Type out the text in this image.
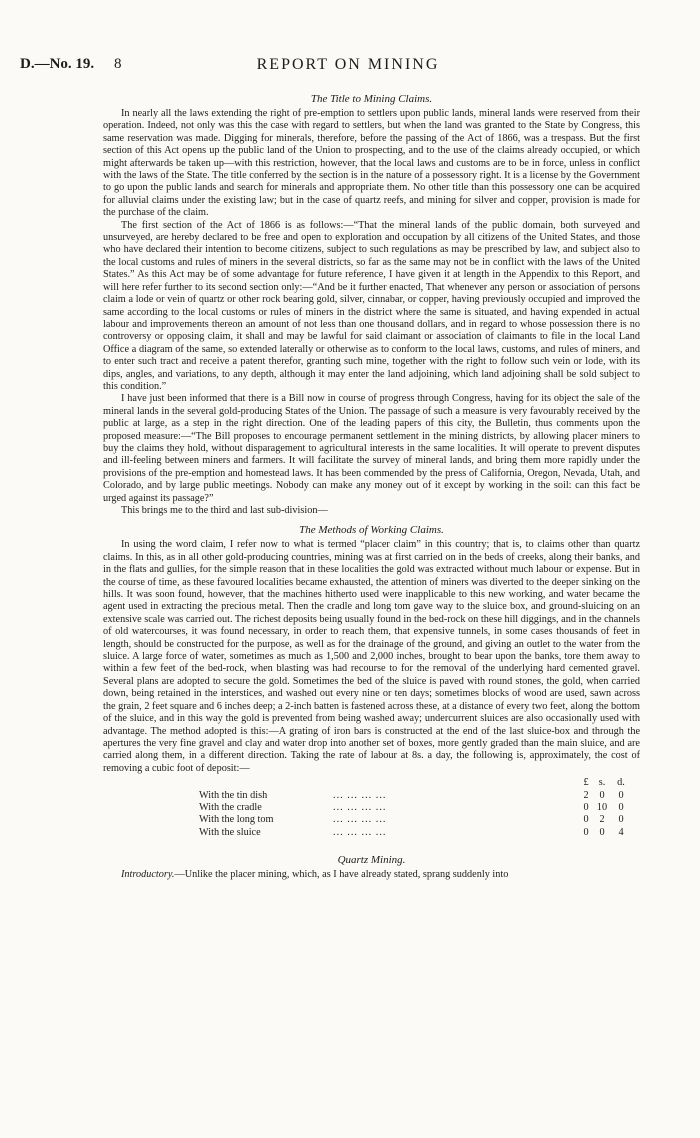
D.—No. 19. 8	REPORT ON MINING
The Title to Mining Claims.

In nearly all the laws extending the right of pre-emption to settlers upon public lands, mineral lands were reserved from their operation. Indeed, not only was this the case with regard to settlers, but when the land was granted to the State by Congress, this same reservation was made. Digging for minerals, therefore, before the passing of the Act of 1866, was a trespass. But the first section of this Act opens up the public land of the Union to prospecting, and to the use of the claims already occupied, or which might afterwards be taken up—with this restriction, however, that the local laws and customs are to be in force, unless in conflict with the laws of the State. The title conferred by the section is in the nature of a possessory right. It is a license by the Government to go upon the public lands and search for minerals and appropriate them. No other title than this possessory one can be acquired for alluvial claims under the existing law; but in the case of quartz reefs, and mining for silver and copper, provision is made for the purchase of the claim.

The first section of the Act of 1866 is as follows:—“That the mineral lands of the public domain, both surveyed and unsurveyed, are hereby declared to be free and open to exploration and occupation by all citizens of the United States, and those who have declared their intention to become citizens, subject to such regulations as may be prescribed by law, and subject also to the local customs and rules of miners in the several districts, so far as the same may not be in conflict with the laws of the United States.” As this Act may be of some advantage for future reference, I have given it at length in the Appendix to this Report, and will here refer further to its second section only:—“And be it further enacted, That whenever any person or association of persons claim a lode or vein of quartz or other rock bearing gold, silver, cinnabar, or copper, having previously occupied and improved the same according to the local customs or rules of miners in the district where the same is situated, and having expended in actual labour and improvements thereon an amount of not less than one thousand dollars, and in regard to whose possession there is no controversy or opposing claim, it shall and may be lawful for said claimant or association of claimants to file in the local Land Office a diagram of the same, so extended laterally or otherwise as to conform to the local laws, customs, and rules of miners, and to enter such tract and receive a patent therefor, granting such mine, together with the right to follow such vein or lode, with its dips, angles, and variations, to any depth, although it may enter the land adjoining, which land adjoining shall be sold subject to this condition.”

I have just been informed that there is a Bill now in course of progress through Congress, having for its object the sale of the mineral lands in the several gold-producing States of the Union. The passage of such a measure is very favourably received by the public at large, as a step in the right direction. One of the leading papers of this city, the Bulletin, thus comments upon the proposed measure:—“The Bill proposes to encourage permanent settlement in the mining districts, by allowing placer miners to buy the claims they hold, without disparagement to agricultural interests in the same localities. It will operate to prevent disputes and ill-feeling between miners and farmers. It will facilitate the survey of mineral lands, and bring them more rapidly under the provisions of the pre-emption and homestead laws. It has been commended by the press of California, Oregon, Nevada, Utah, and Colorado, and by large public meetings. Nobody can make any money out of it except by working in the soil: can this fact be urged against its passage?”

This brings me to the third and last sub-division—

The Methods of Working Claims.

In using the word claim, I refer now to what is termed “placer claim” in this country; that is, to claims other than quartz claims. In this, as in all other gold-producing countries, mining was at first carried on in the beds of creeks, along their banks, and in the flats and gullies, for the simple reason that in these localities the gold was extracted without much labour or expense. But in the course of time, as these favoured localities became exhausted, the attention of miners was diverted to the deeper sinking on the hills. It was soon found, however, that the machines hitherto used were inapplicable to this new working, and water became the agent used in extracting the precious metal. Then the cradle and long tom gave way to the sluice box, and ground-sluicing on an extensive scale was carried out. The richest deposits being usually found in the bed-rock on these hill diggings, and in the channels of old watercourses, it was found necessary, in order to reach them, that expensive tunnels, in some cases thousands of feet in length, should be constructed for the purpose, as well as for the drainage of the ground, and giving an outlet to the water from the sluice. A large force of water, sometimes as much as 1,500 and 2,000 inches, brought to bear upon the banks, tore them away to within a few feet of the bed-rock, when blasting was had recourse to for the removal of the underlying hard cemented gravel. Several plans are adopted to secure the gold. Sometimes the bed of the sluice is paved with round stones, the gold, when carried down, being retained in the interstices, and washed out every nine or ten days; sometimes blocks of wood are used, sawn across the grain, 2 feet square and 6 inches deep; a 2-inch batten is fastened across these, at a distance of every two feet, along the bottom of the sluice, and in this way the gold is prevented from being washed away; undercurrent sluices are also occasionally used with advantage. The method adopted is this:—A grating of iron bars is constructed at the end of the last sluice-box and through the apertures the very fine gravel and clay and water drop into another set of boxes, more gently graded than the main sluice, and are carried along them, in a different direction. Taking the rate of labour at 8s. a day, the following is, approximately, the cost of removing a cubic foot of deposit:—

£ s.	d.
With the tin dish	... ... ... ...	2	0	0
With the cradle	... ... ... ...	0 10	0
With the long tom	... ... ... ...	0	2	0
With the sluice	... ... ... ...	0	0	4
Quartz Mining.

Introductory.—Unlike the placer mining, which, as I have already stated, sprang suddenly into
